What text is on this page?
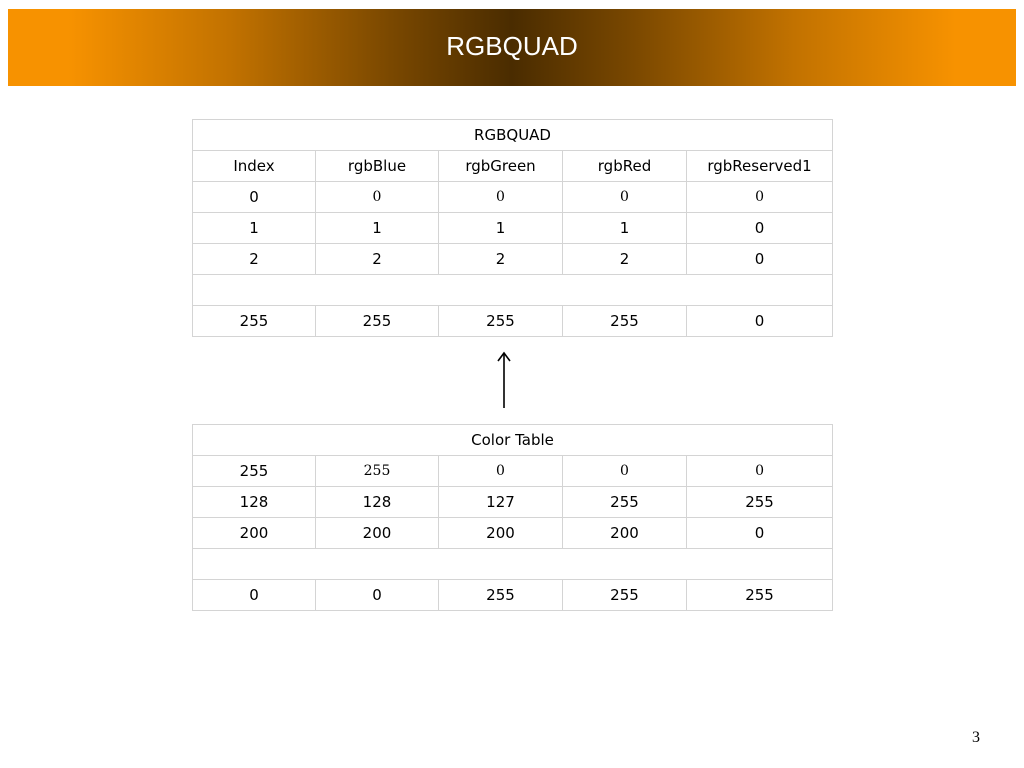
RGBQUAD
RGBQUAD				
Index	rgbBlue	rgbGreen	rgbRed	rgbReserved1
0	0	0	0	0
1	1	1	1	0
2	2	2	2	0

255	255	255	255	0
Color Table				
255	255	0	0	0
128	128	127	255	255
200	200	200	200	0

0	0	255	255	255
3
